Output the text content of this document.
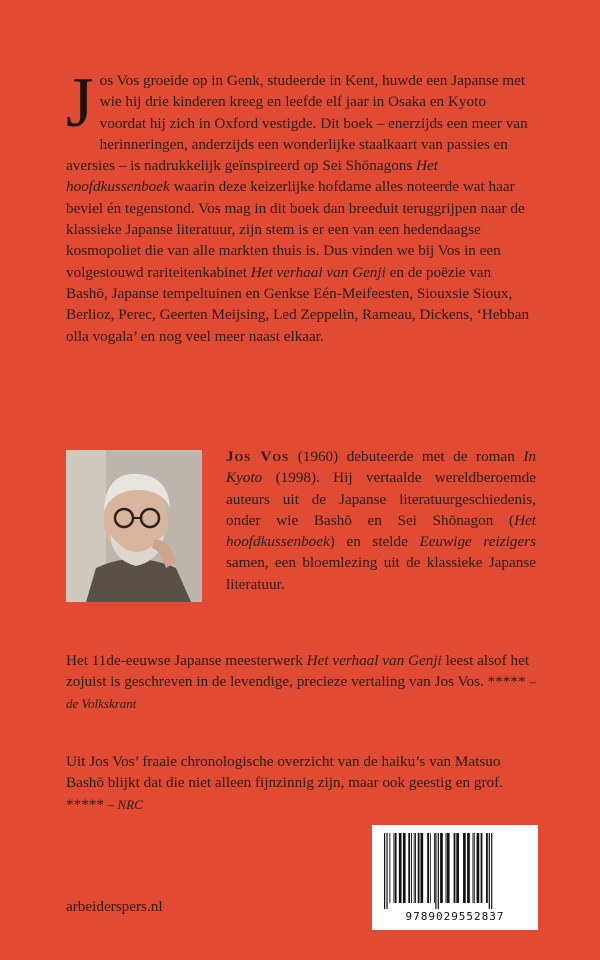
J os Vos groeide op in Genk, studeerde in Kent, huwde een Japanse met wie hij drie kinderen kreeg en leefde elf jaar in Osaka en Kyoto voordat hij zich in Oxford vestigde. Dit boek – enerzijds een meer van herinneringen, anderzijds een wonderlijke staalkaart van passies en aversies – is nadrukkelijk geïnspireerd op Sei Shōnagons Het hoofdkussenboek waarin deze keizerlijke hofdame alles noteerde wat haar beviel én tegenstond. Vos mag in dit boek dan breeduit teruggrijpen naar de klassieke Japanse literatuur, zijn stem is er een van een hedendaagse kosmopoliet die van alle markten thuis is. Dus vinden we bij Vos in een volgestouwd rariteitenkabinet Het verhaal van Genji en de poëzie van Bashō, Japanse tempeltuinen en Genkse Eén-Meifeesten, Siouxsie Sioux, Berlioz, Perec, Geerten Meijsing, Led Zeppelin, Rameau, Dickens, ‘Hebban olla vogala’ en nog veel meer naast elkaar.

Jos Vos (1960) debuteerde met de roman In Kyoto (1998). Hij vertaalde wereldberoemde auteurs uit de Japanse literatuurgeschiedenis, onder wie Bashō en Sei Shōnagon (Het hoofdkussenboek) en stelde Eeuwige reizigers samen, een bloemlezing uit de klassieke Japanse literatuur.

Het 11de-eeuwse Japanse meesterwerk Het verhaal van Genji leest alsof het zojuist is geschreven in de levendige, precieze vertaling van Jos Vos. ***** – de Volkskrant

Uit Jos Vos’ fraaie chronologische overzicht van de haiku’s van Matsuo Bashō blijkt dat die niet alleen fijnzinnig zijn, maar ook geestig en grof. ***** – NRC

arbeiderspers.nl
9789029552837
